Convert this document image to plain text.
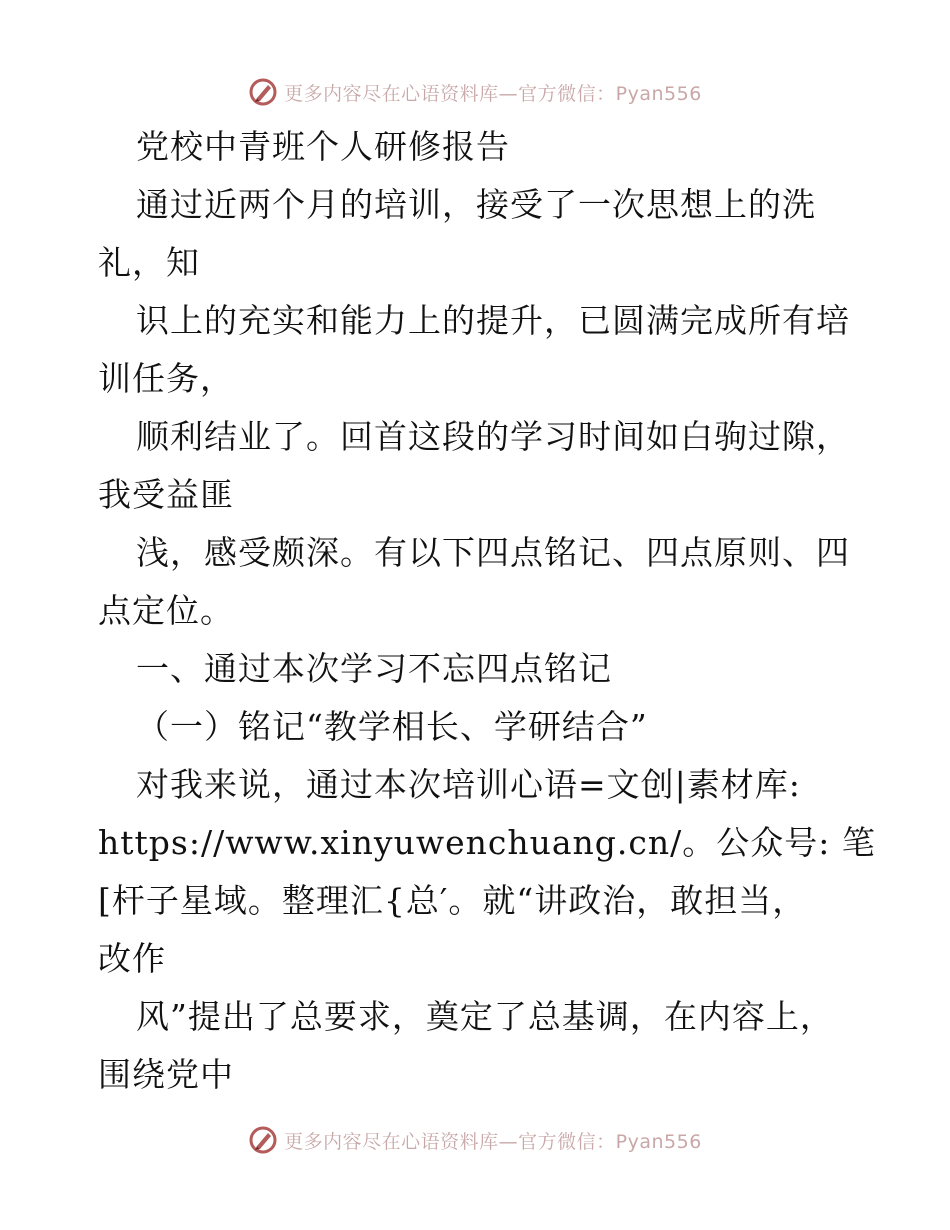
更多内容尽在心语资料库—官方微信：Pyan556
党校中青班个人研修报告
通过近两个月的培训，接受了一次思想上的洗
礼，知
识上的充实和能力上的提升，已圆满完成所有培
训任务，
顺利结业了。回首这段的学习时间如白驹过隙，
我受益匪
浅，感受颇深。有以下四点铭记、四点原则、四
点定位。
一、通过本次学习不忘四点铭记
（一）铭记“教学相长、学研结合”
对我来说，通过本次培训心语=文创|素材库:
https://www.xinyuwenchuang.cn/。公众号: 笔
[杆子星域。整理汇{总′。就“讲政治，敢担当，
改作
风”提出了总要求，奠定了总基调，在内容上，
围绕党中
更多内容尽在心语资料库—官方微信：Pyan556
